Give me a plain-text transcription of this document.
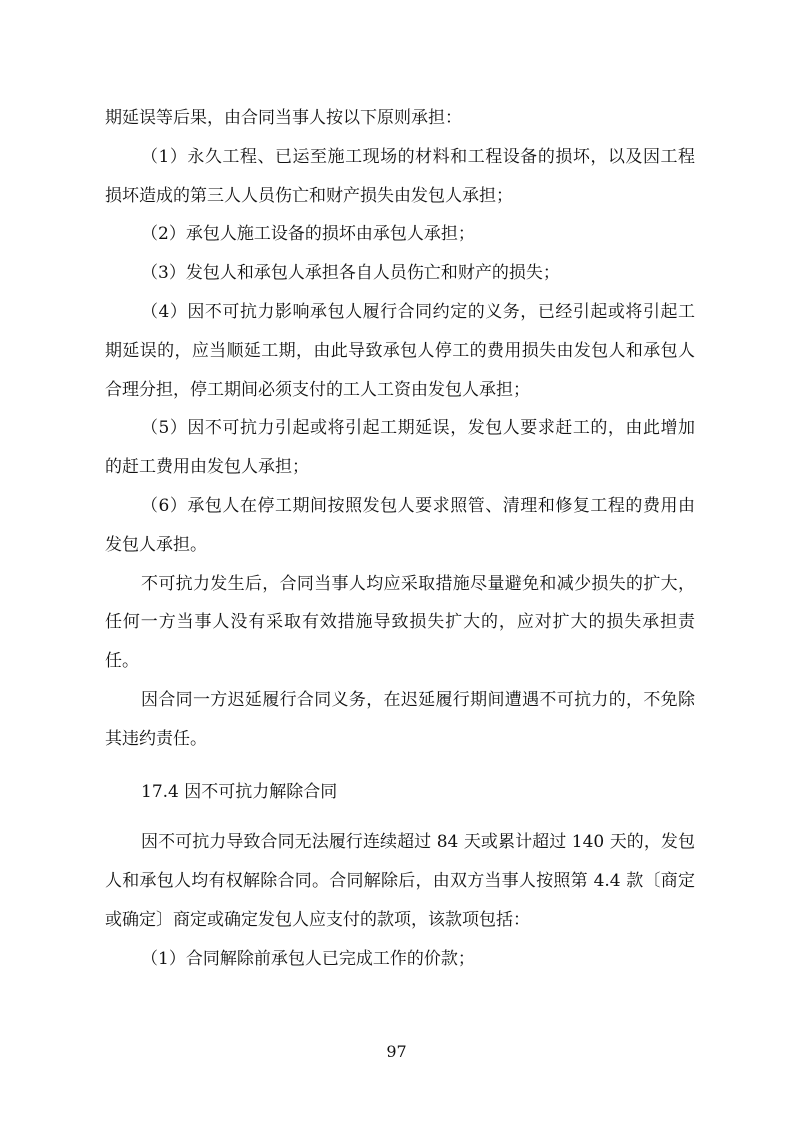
期延误等后果，由合同当事人按以下原则承担：

（1）永久工程、已运至施工现场的材料和工程设备的损坏，以及因工程损坏造成的第三人人员伤亡和财产损失由发包人承担；

（2）承包人施工设备的损坏由承包人承担；

（3）发包人和承包人承担各自人员伤亡和财产的损失；

（4）因不可抗力影响承包人履行合同约定的义务，已经引起或将引起工期延误的，应当顺延工期，由此导致承包人停工的费用损失由发包人和承包人合理分担，停工期间必须支付的工人工资由发包人承担；

（5）因不可抗力引起或将引起工期延误，发包人要求赶工的，由此增加的赶工费用由发包人承担；

（6）承包人在停工期间按照发包人要求照管、清理和修复工程的费用由发包人承担。

不可抗力发生后，合同当事人均应采取措施尽量避免和减少损失的扩大，任何一方当事人没有采取有效措施导致损失扩大的，应对扩大的损失承担责任。

因合同一方迟延履行合同义务，在迟延履行期间遭遇不可抗力的，不免除其违约责任。

17.4 因不可抗力解除合同

因不可抗力导致合同无法履行连续超过 84 天或累计超过 140 天的，发包人和承包人均有权解除合同。合同解除后，由双方当事人按照第 4.4 款〔商定或确定〕商定或确定发包人应支付的款项，该款项包括：

（1）合同解除前承包人已完成工作的价款；

97
